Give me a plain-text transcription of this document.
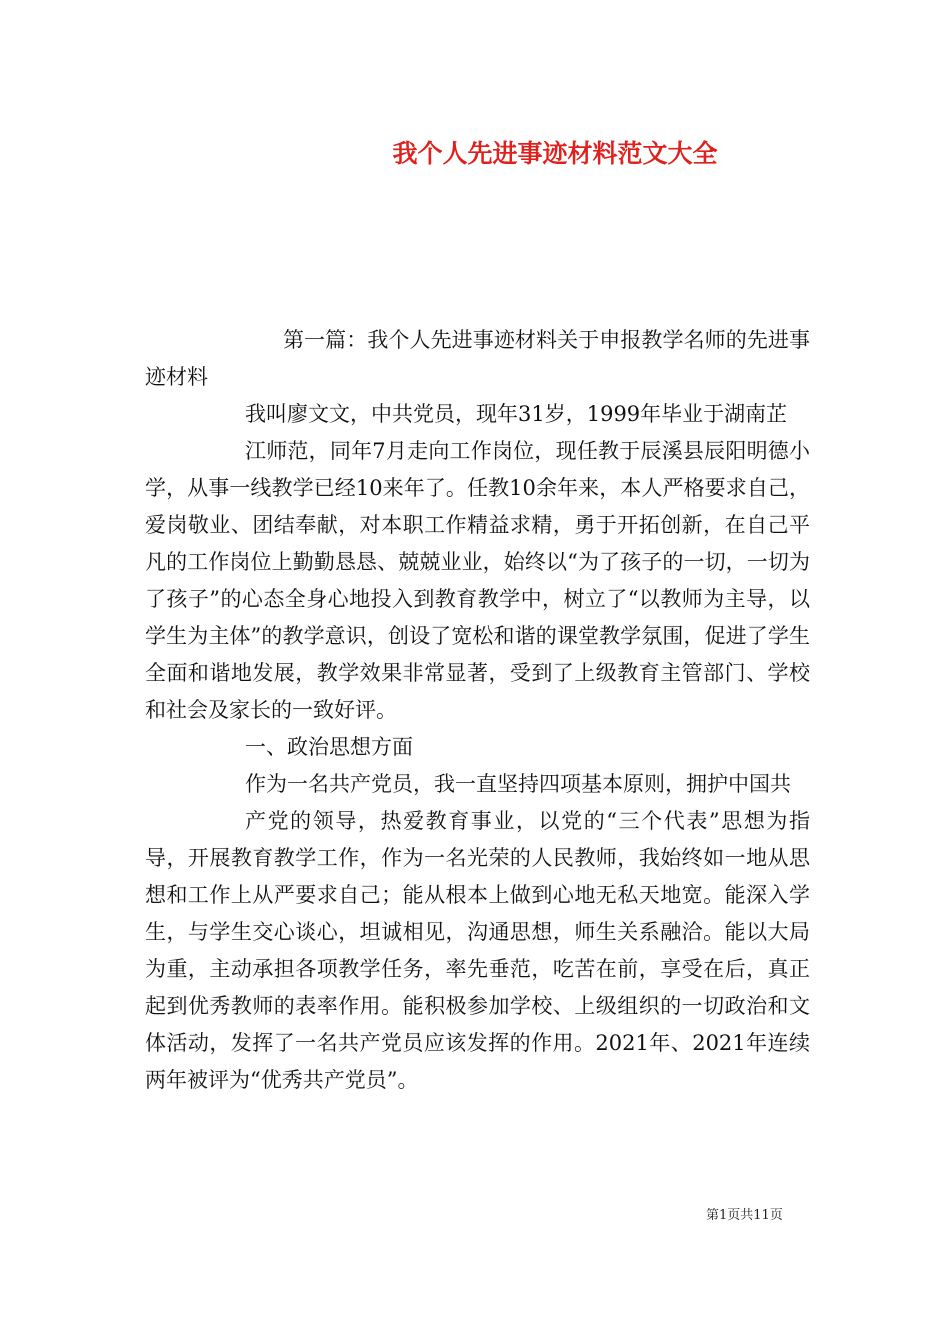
我个人先进事迹材料范文大全

第一篇：我个人先进事迹材料关于申报教学名师的先进事迹材料

我叫廖文文，中共党员，现年31岁，1999年毕业于湖南芷

江师范，同年7月走向工作岗位，现任教于辰溪县辰阳明德小学，从事一线教学已经10来年了。任教10余年来，本人严格要求自己，爱岗敬业、团结奉献，对本职工作精益求精，勇于开拓创新，在自己平凡的工作岗位上勤勤恳恳、兢兢业业，始终以“为了孩子的一切，一切为了孩子”的心态全身心地投入到教育教学中，树立了“以教师为主导，以学生为主体”的教学意识，创设了宽松和谐的课堂教学氛围，促进了学生全面和谐地发展，教学效果非常显著，受到了上级教育主管部门、学校和社会及家长的一致好评。

一、政治思想方面

作为一名共产党员，我一直坚持四项基本原则，拥护中国共

产党的领导，热爱教育事业，以党的“三个代表”思想为指导，开展教育教学工作，作为一名光荣的人民教师，我始终如一地从思想和工作上从严要求自己；能从根本上做到心地无私天地宽。能深入学生，与学生交心谈心，坦诚相见，沟通思想，师生关系融洽。能以大局为重，主动承担各项教学任务，率先垂范，吃苦在前，享受在后，真正起到优秀教师的表率作用。能积极参加学校、上级组织的一切政治和文体活动，发挥了一名共产党员应该发挥的作用。2021年、2021年连续两年被评为“优秀共产党员”。

第1页共11页
